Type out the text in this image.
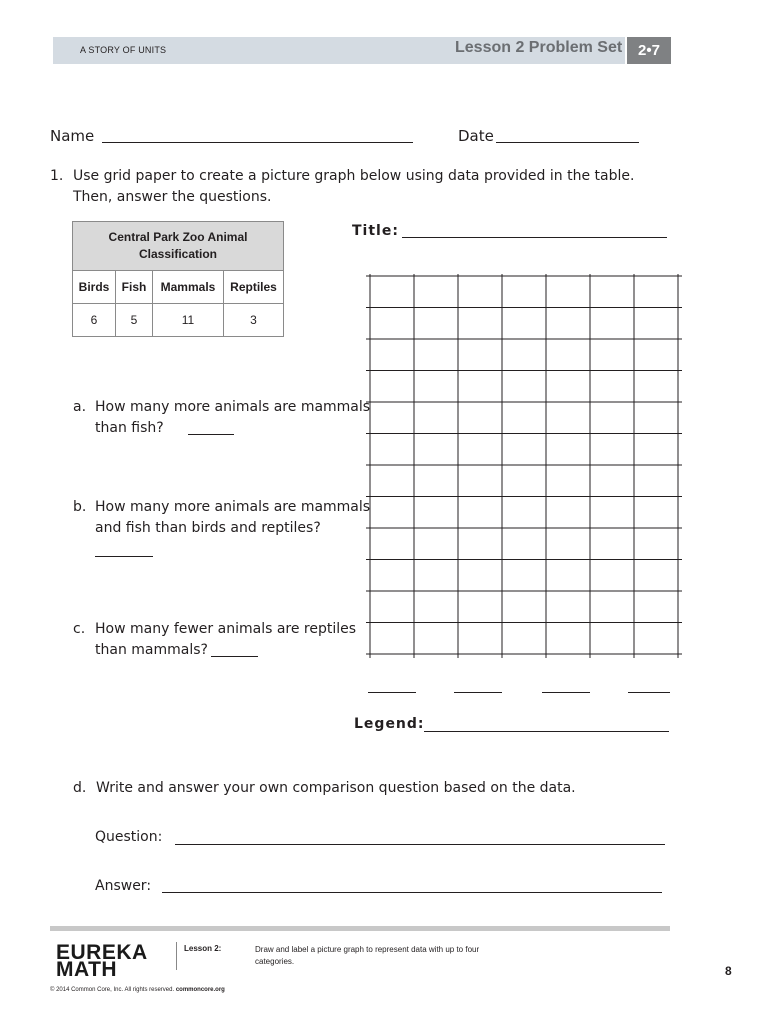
A STORY OF UNITS	Lesson 2 Problem Set	2•7
Name	Date
1. Use grid paper to create a picture graph below using data provided in the table.
Then, answer the questions.
Central Park Zoo Animal
Classification			
Birds	Fish	Mammals	Reptiles
6	5	11	3
Title:
Legend:
a. How many more animals are mammals
than fish?
b. How many more animals are mammals
and fish than birds and reptiles?
c. How many fewer animals are reptiles
than mammals?
d. Write and answer your own comparison question based on the data.
Question:
Answer:
EUREKA
MATH
Lesson 2:	Draw and label a picture graph to represent data with up to four
categories.
8
© 2014 Common Core, Inc. All rights reserved. commoncore.org
